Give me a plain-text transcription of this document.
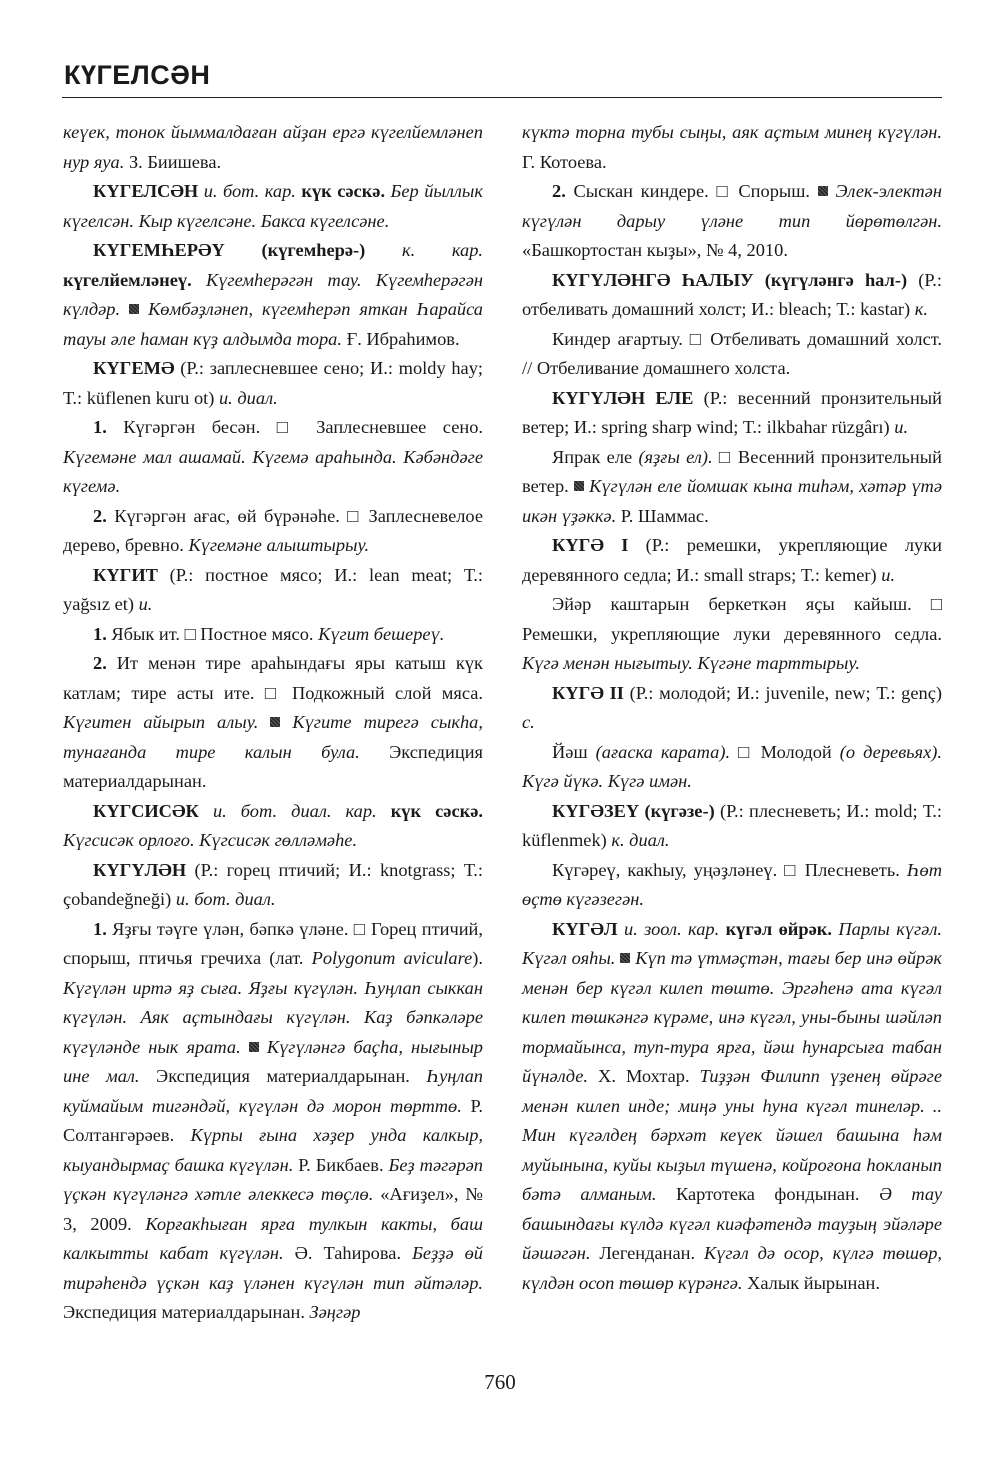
КҮГЕЛСӘН

кеүек, тонок йыммалдаған айҙан ергә күгелйемләнеп нур яуа. З. Биишева.

КҮГЕЛСӘН и. бот. кар. күк сәскә. Бер йыллык күгелсән. Кыр күгелсәне. Бакса күгелсәне.

КҮГЕМҺЕРӘҮ (күгемһерә-) к. кар. күгелйемләнеү. Күгемһерәгән тау. Күгемһерәгән күлдәр. Көмбәҙләнеп, күгемһерәп яткан Һарайса тауы әле һаман күҙ алдымда тора. Ғ. Ибраһимов.

КҮГЕМӘ (Р.: заплесневшее сено; И.: moldy hay; Т.: küflenen kuru ot) и. диал.

1. Күгәргән бесән. □ Заплесневшее сено. Күгемәне мал ашамай. Күгемә араһында. Кәбәндәге күгемә.

2. Күгәргән ағас, өй бүрәнәһе. □ Заплесневелое дерево, бревно. Күгемәне алыштырыу.

КҮГИТ (Р.: постное мясо; И.: lean meat; Т.: yağsız et) и.

1. Ябык ит. □ Постное мясо. Күгит бешереү.

2. Ит менән тире араһындағы яры катыш күк катлам; тире асты ите. □ Подкожный слой мяса. Күгитен айырып алыу. Күгите тирегә сыкһа, тунағанда тире калын була. Экспедиция материалдарынан.

КҮГСИСӘК и. бот. диал. кар. күк сәскә. Күгсисәк орлоғо. Күгсисәк гөлләмәһе.

КҮГҮЛӘН (Р.: горец птичий; И.: knotgrass; Т.: çobandeğneği) и. бот. диал.

1. Яҙғы тәүге үлән, бәпкә үләне. □ Горец птичий, спорыш, птичья гречиха (лат. Polygonum aviculare). Күгүлән иртә яҙ сыға. Яҙғы күгүлән. Һуңлап сыккан күгүлән. Аяк аҫтындағы күгүлән. Каҙ бәпкәләре күгүләнде нык ярата. Күгүләнгә баҫһа, нығыныр ине мал. Экспедиция материалдарынан. Һуңлап куймайым тигәндәй, күгүлән дә морон төрттө. Р. Солтангәрәев. Күрпы ғына хәҙер унда калкыр, кыуандырмаҫ башка күгүлән. Р. Бикбаев. Беҙ тәгәрәп үҫкән күгүләнгә хәтле әлеккесә төҫлө. «Ағиҙел», № 3, 2009. Корғакһыған ярға тулкын какты, баш калкытты кабат күгүлән. Ә. Таһирова. Беҙҙә өй тирәһендә үҫкән каҙ үләнен күгүлән тип әйтәләр. Экспедиция материалдарынан. Зәңгәр

күктә торна тубы сыңы, аяк аҫтым минең күгүлән. Г. Котоева.

2. Сыскан киндере. □ Спорыш.  Элек-электән күгүлән дарыу үләне тип йөрөтөлгән. «Башкортостан кыҙы», № 4, 2010.

КҮГҮЛӘНГӘ ҺАЛЫУ (күгүләнгә һал-) (Р.: отбеливать домашний холст; И.: bleach; Т.: kastar) к.

Киндер ағартыу. □ Отбеливать домашний холст. // Отбеливание домашнего холста.

КҮГҮЛӘН ЕЛЕ (Р.: весенний пронзительный ветер; И.: spring sharp wind; Т.: ilkbahar rüzgârı) и.

Япрак еле (яҙғы ел). □ Весенний пронзительный ветер.  Күгүлән еле йомшак кына тиһәм, хәтәр үтә икән үҙәккә. Р. Шаммас.

КҮГӘ I (Р.: ремешки, укрепляющие луки деревянного седла; И.: small straps; Т.: kemer) и.

Эйәр каштарын беркеткән яҫы кайыш. □ Ремешки, укрепляющие луки деревянного седла. Күгә менән нығытыу. Күгәне тарттырыу.

КҮГӘ II (Р.: молодой; И.: juvenile, new; Т.: genç) с.

Йәш (ағаска карата). □ Молодой (о деревьях). Күгә йүкә. Күгә имән.

КҮГӘЗЕҮ (күгәзе-) (Р.: плесневеть; И.: mold; Т.: küflenmek) к. диал.

Күгәреү, какһыу, уңәҙләнеү. □ Плесневеть. Һөт өҫтө күгәзегән.

КҮГӘЛ и. зоол. кар. күгәл өйрәк. Парлы күгәл. Күгәл ояһы. Күп тә үтмәҫтән, тағы бер инә өйрәк менән бер күгәл килеп төштө. Эргәһенә ата күгәл килеп төшкәнгә күрәме, инә күгәл, уны-быны шәйләп тормайынса, туп-тура ярға, йәш һунарсыға табан йүнәлде. Х. Мохтар. Тиҙҙән Филипп үҙенең өйрәге менән килеп инде; миңә уны һуна күгәл тинеләр. .. Мин күгәлдең бәрхәт кеүек йәшел башына һәм муйынына, куйы кыҙыл түшенә, койроғона һокланып бәтә алманым. Картотека фондынан. Ә тау башындағы күлдә күгәл киәфәтендә тауҙың эйәләре йәшәгән. Легенданан. Күгәл дә осор, күлгә төшөр, күлдән осоп төшөр күрәнгә. Халык йырынан.

760
